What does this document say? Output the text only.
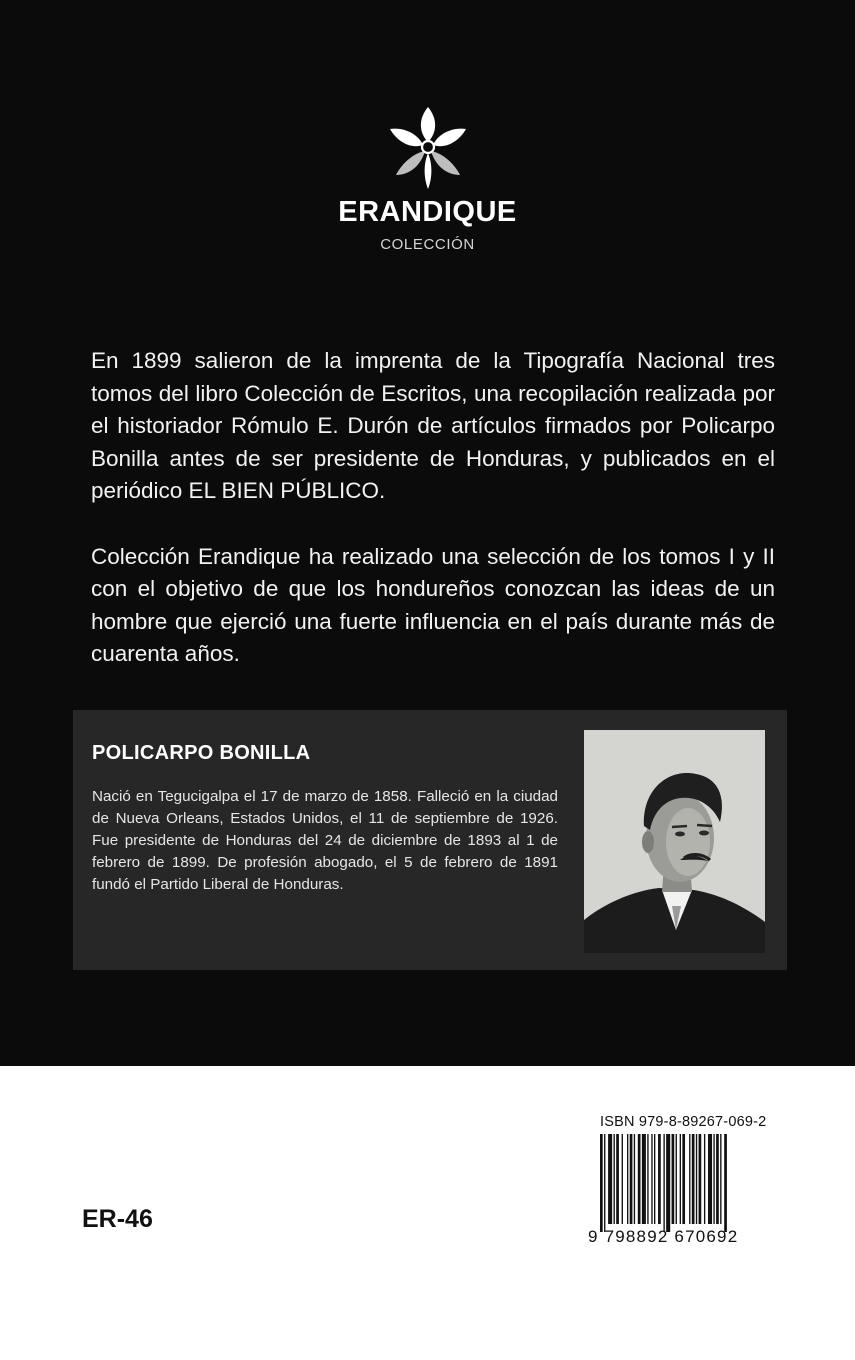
ERANDIQUE
COLECCIÓN

En 1899 salieron de la imprenta de la Tipografía Nacional tres tomos del libro Colección de Escritos, una recopilación realizada por el historiador Rómulo E. Durón de artículos firmados por Policarpo Bonilla antes de ser presidente de Honduras, y publicados en el periódico EL BIEN PÚBLICO.

Colección Erandique ha realizado una selección de los tomos I y II con el objetivo de que los hondureños conozcan las ideas de un hombre que ejerció una fuerte influencia en el país durante más de cuarenta años.

POLICARPO BONILLA
Nació en Tegucigalpa el 17 de marzo de 1858. Falleció en la ciudad de Nueva Orleans, Estados Unidos, el 11 de septiembre de 1926. Fue presidente de Honduras del 24 de diciembre de 1893 al 1 de febrero de 1899. De profesión abogado, el 5 de febrero de 1891 fundó el Partido Liberal de Honduras.
ER-46
ISBN 979-8-89267-069-2
9 798892 670692
